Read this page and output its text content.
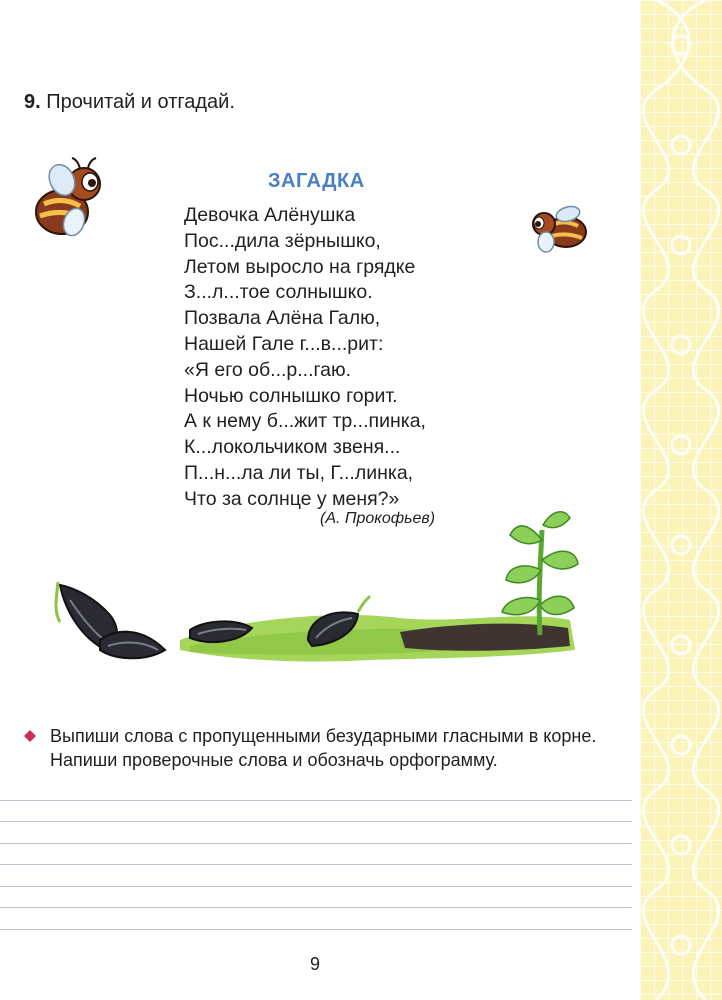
9. Прочитай и отгадай.
ЗАГАДКА
Девочка Алёнушка
Пос...дила зёрнышко,
Летом выросло на грядке
З...л...тое солнышко.
Позвала Алёна Галю,
Нашей Гале г...в...рит:
«Я его об...р...гаю.
Ночью солнышко горит.
А к нему б...жит тр...пинка,
К...локольчиком звеня...
П...н...ла ли ты, Г...линка,
Что за солнце у меня?»
(А. Прокофьев)
Выпиши слова с пропущенными безударными гласными в корне.
Напиши проверочные слова и обозначь орфограмму.
9
